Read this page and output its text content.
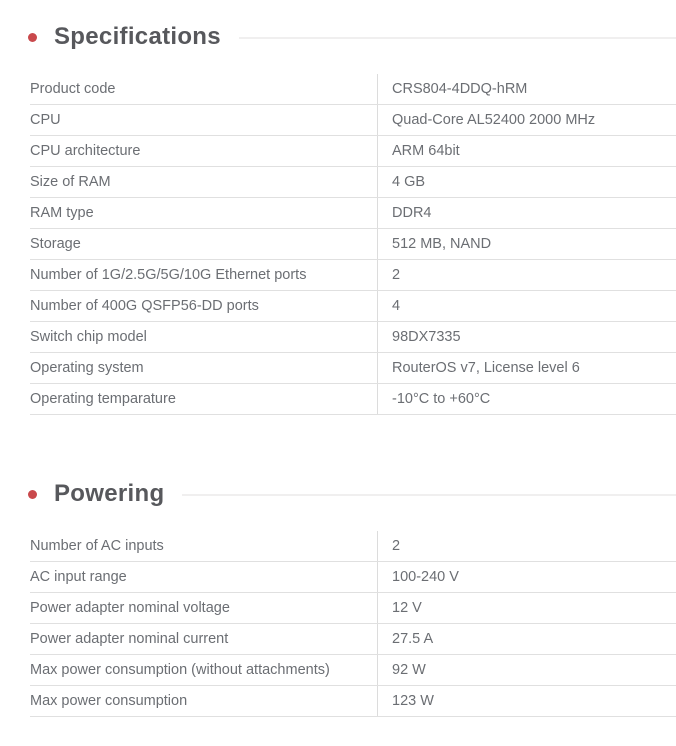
Specifications
Product code	CRS804-4DDQ-hRM
CPU	Quad-Core AL52400 2000 MHz
CPU architecture	ARM 64bit
Size of RAM	4 GB
RAM type	DDR4
Storage	512 MB, NAND
Number of 1G/2.5G/5G/10G Ethernet ports	2
Number of 400G QSFP56-DD ports	4
Switch chip model	98DX7335
Operating system	RouterOS v7, License level 6
Operating temparature	-10°C to +60°C
Powering
Number of AC inputs	2
AC input range	100-240 V
Power adapter nominal voltage	12 V
Power adapter nominal current	27.5 A
Max power consumption (without attachments)	92 W
Max power consumption	123 W
